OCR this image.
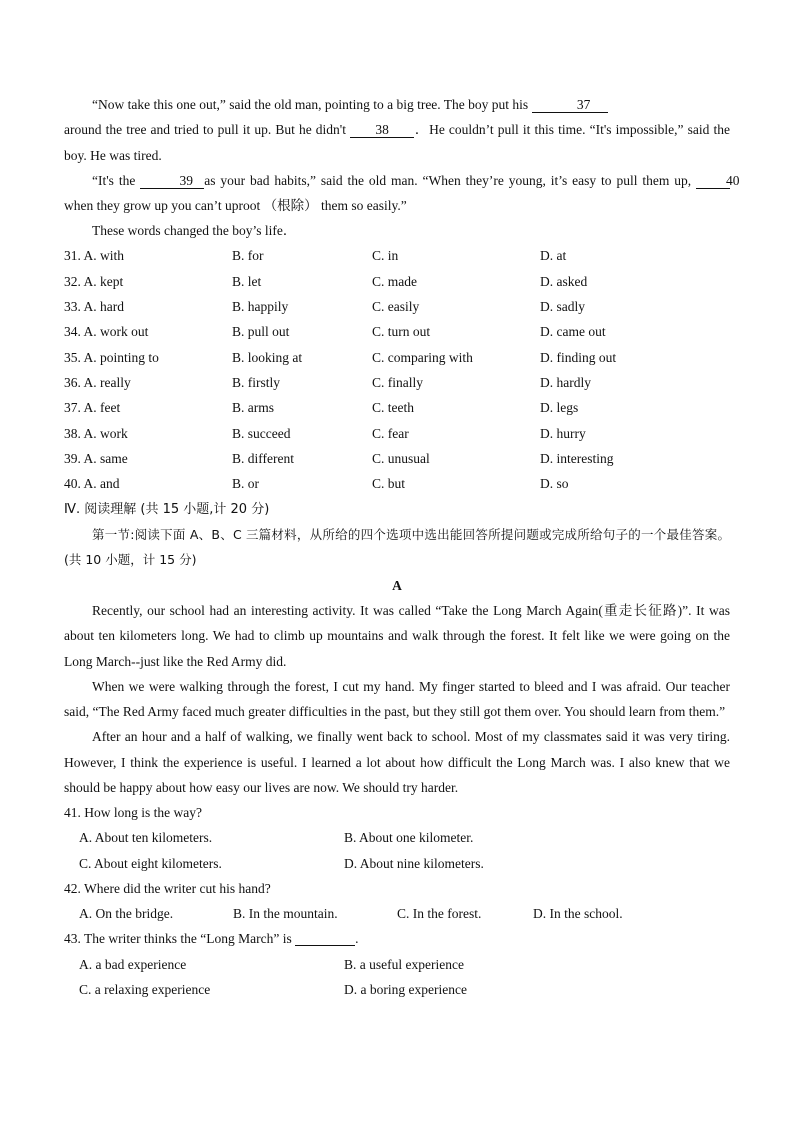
“Now take this one out,” said the old man, pointing to a big tree. The boy put his	37

around the tree and tried to pull it up. But he didn't 38 ．He couldn’t pull it this time. “It's impossible,” said the boy. He was tired.

“It's the	39 as your bad habits,” said the old man. “When they’re young, it’s easy to pull them up, 40when they grow up you can’t uproot （根除） them so easily.”

These words changed the boy’s life．

31. A. with	B. for	C. in	D. at
32. A. kept	B. let	C. made	D. asked
33. A. hard	B. happily	C. easily	D. sadly
34. A. work out	B. pull out	C. turn out	D. came out
35. A. pointing to	B. looking at	C. comparing with	D. finding out
36. A. really	B. firstly	C. finally	D. hardly
37. A. feet	B. arms	C. teeth	D. legs
38. A. work	B. succeed	C. fear	D. hurry
39. A. same	B. different	C. unusual	D. interesting
40. A. and	B. or	C. but	D. so
Ⅳ. 阅读理解 (共 15 小题,计 20 分)

第一节:阅读下面 A、B、C 三篇材料，从所给的四个选项中选出能回答所提问题或完成所给句子的一个最佳答案。(共 10 小题，计 15 分)

A

Recently, our school had an interesting activity. It was called “Take the Long March Again(重走长征路)”. It was about ten kilometers long. We had to climb up mountains and walk through the forest. It felt like we were going on the Long March--just like the Red Army did.

When we were walking through the forest, I cut my hand. My finger started to bleed and I was afraid. Our teacher said, “The Red Army faced much greater difficulties in the past, but they still got them over. You should learn from them.”

After an hour and a half of walking, we finally went back to school. Most of my classmates said it was very tiring. However, I think the experience is useful. I learned a lot about how difficult the Long March was. I also knew that we should be happy about how easy our lives are now. We should try harder.

41. How long is the way?
A. About ten kilometers.	B. About one kilometer.
C. About eight kilometers.	D. About nine kilometers.
42. Where did the writer cut his hand?
A. On the bridge.	B. In the mountain.	C. In the forest.	D. In the school.
43. The writer thinks the “Long March” is
	.
A. a bad experience	B. a useful experience
C. a relaxing experience	D. a boring experience
